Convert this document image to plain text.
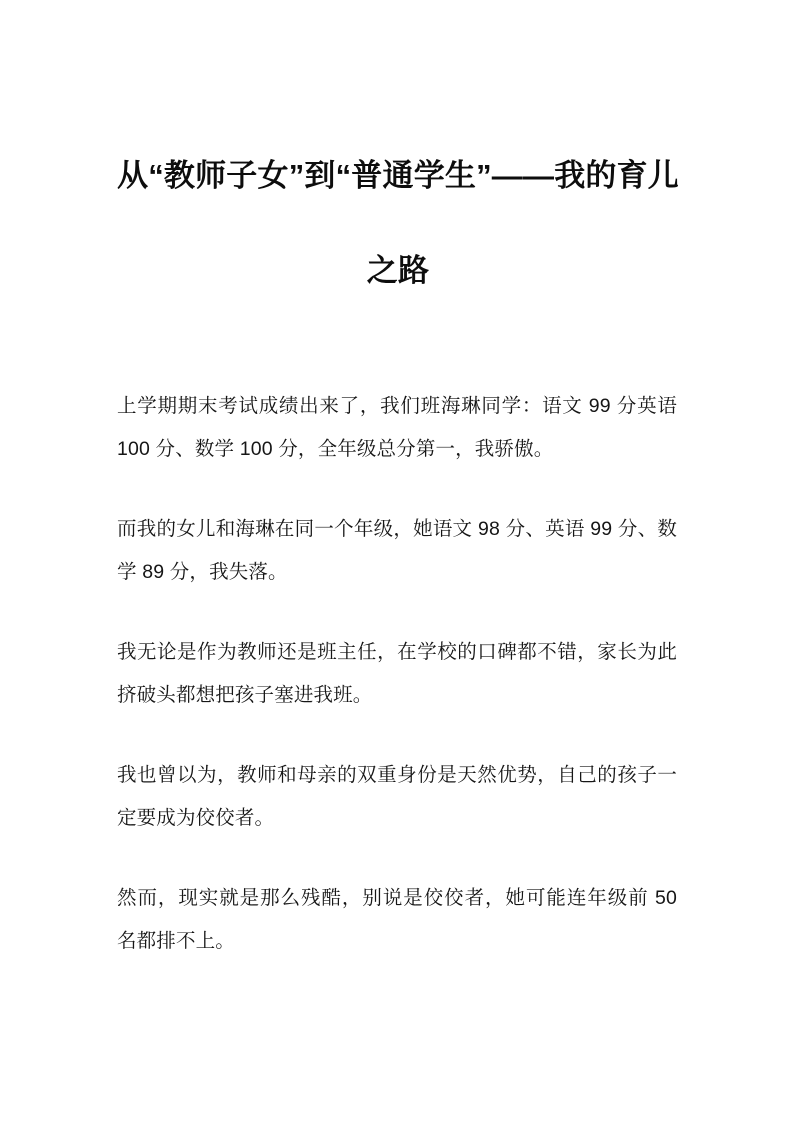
从“教师子女”到“普通学生”——我的育儿之路

上学期期末考试成绩出来了，我们班海琳同学：语文 99 分英语 100 分、数学 100 分，全年级总分第一，我骄傲。

而我的女儿和海琳在同一个年级，她语文 98 分、英语 99 分、数学 89 分，我失落。

我无论是作为教师还是班主任，在学校的口碑都不错，家长为此挤破头都想把孩子塞进我班。

我也曾以为，教师和母亲的双重身份是天然优势，自己的孩子一定要成为佼佼者。

然而，现实就是那么残酷，别说是佼佼者，她可能连年级前 50 名都排不上。
